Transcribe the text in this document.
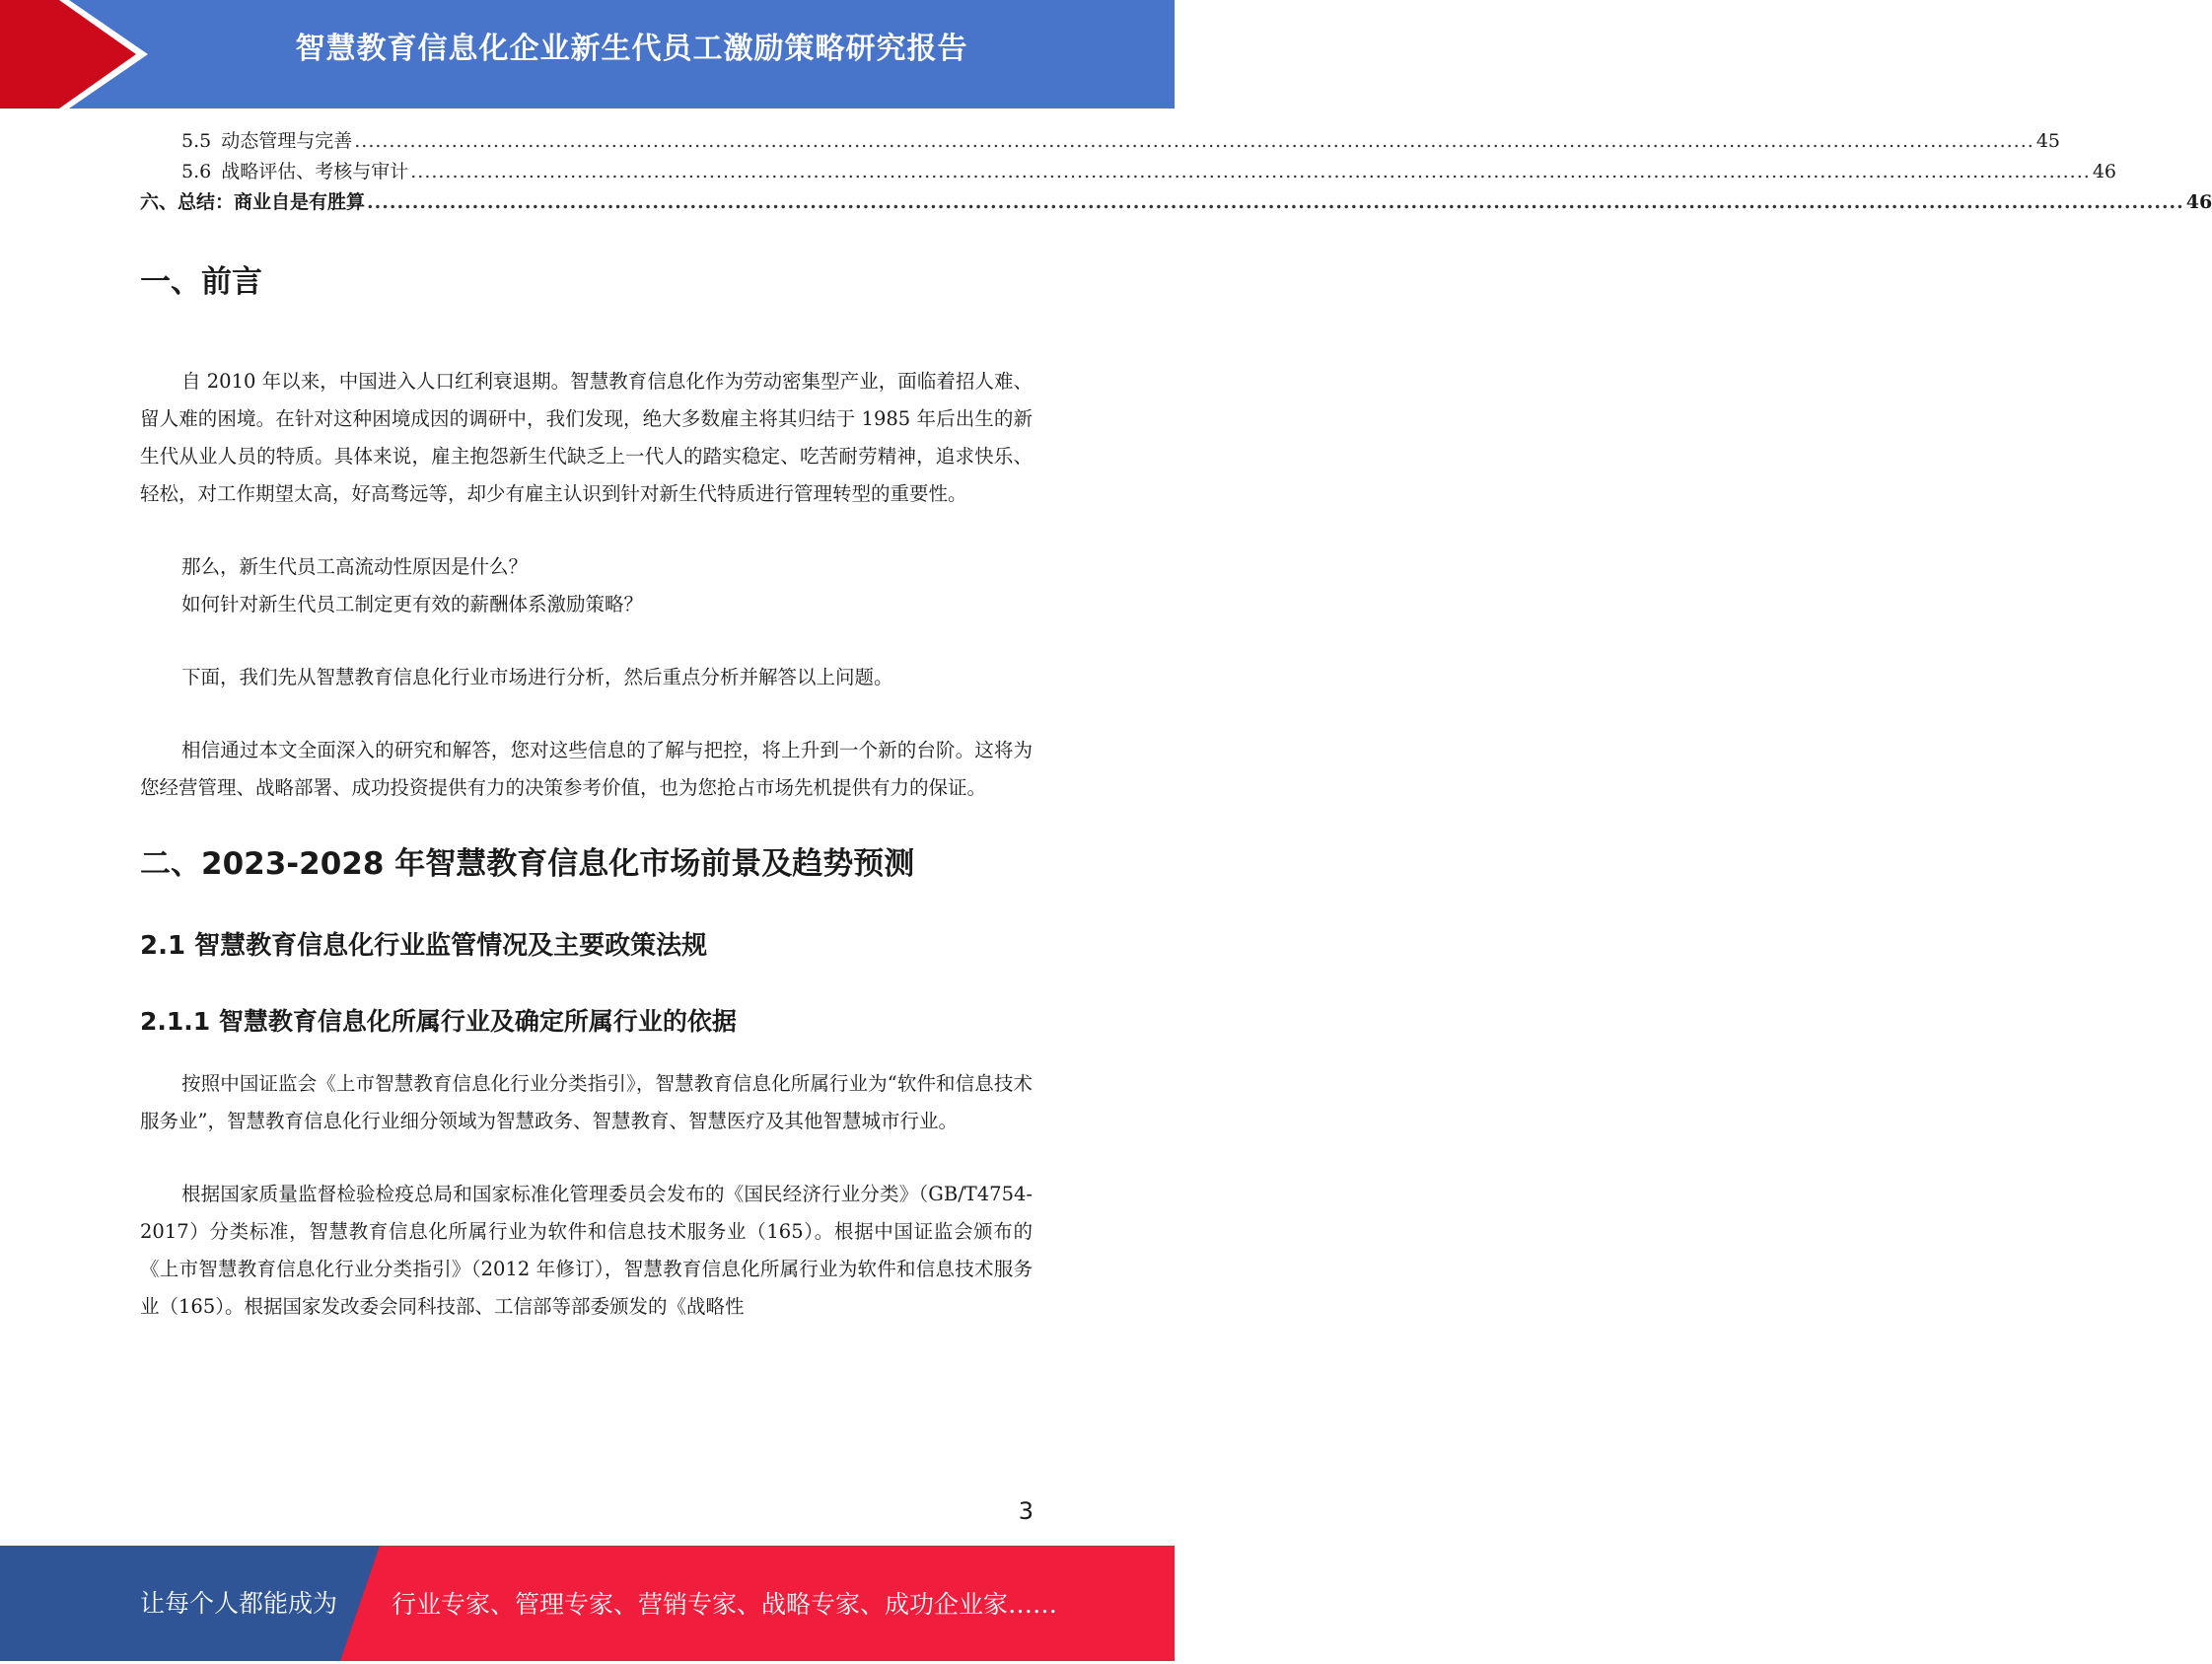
智慧教育信息化企业新生代员工激励策略研究报告
5.5 动态管理与完善 .................................................................................................................................................................................................................................................. 45
5.6 战略评估、考核与审计 .................................................................................................................................................................................................................................................. 46
六、总结：商业自是有胜算 .................................................................................................................................................................................................................................................. 46
一、前言

自 2010 年以来，中国进入人口红利衰退期。智慧教育信息化作为劳动密集型产业，面临着招人难、留人难的困境。在针对这种困境成因的调研中，我们发现，绝大多数雇主将其归结于 1985 年后出生的新生代从业人员的特质。具体来说，雇主抱怨新生代缺乏上一代人的踏实稳定、吃苦耐劳精神，追求快乐、轻松，对工作期望太高，好高骛远等，却少有雇主认识到针对新生代特质进行管理转型的重要性。

那么，新生代员工高流动性原因是什么？

如何针对新生代员工制定更有效的薪酬体系激励策略？

下面，我们先从智慧教育信息化行业市场进行分析，然后重点分析并解答以上问题。

相信通过本文全面深入的研究和解答，您对这些信息的了解与把控，将上升到一个新的台阶。这将为您经营管理、战略部署、成功投资提供有力的决策参考价值，也为您抢占市场先机提供有力的保证。

二、2023-2028 年智慧教育信息化市场前景及趋势预测
2.1 智慧教育信息化行业监管情况及主要政策法规
2.1.1 智慧教育信息化所属行业及确定所属行业的依据

按照中国证监会《上市智慧教育信息化行业分类指引》，智慧教育信息化所属行业为“软件和信息技术服务业”，智慧教育信息化行业细分领域为智慧政务、智慧教育、智慧医疗及其他智慧城市行业。

根据国家质量监督检验检疫总局和国家标准化管理委员会发布的《国民经济行业分类》（GB/T4754-2017）分类标准，智慧教育信息化所属行业为软件和信息技术服务业（165）。根据中国证监会颁布的《上市智慧教育信息化行业分类指引》（2012 年修订），智慧教育信息化所属行业为软件和信息技术服务业（165）。根据国家发改委会同科技部、工信部等部委颁发的《战略性

3
让每个人都能成为 行业专家、管理专家、营销专家、战略专家、成功企业家……
